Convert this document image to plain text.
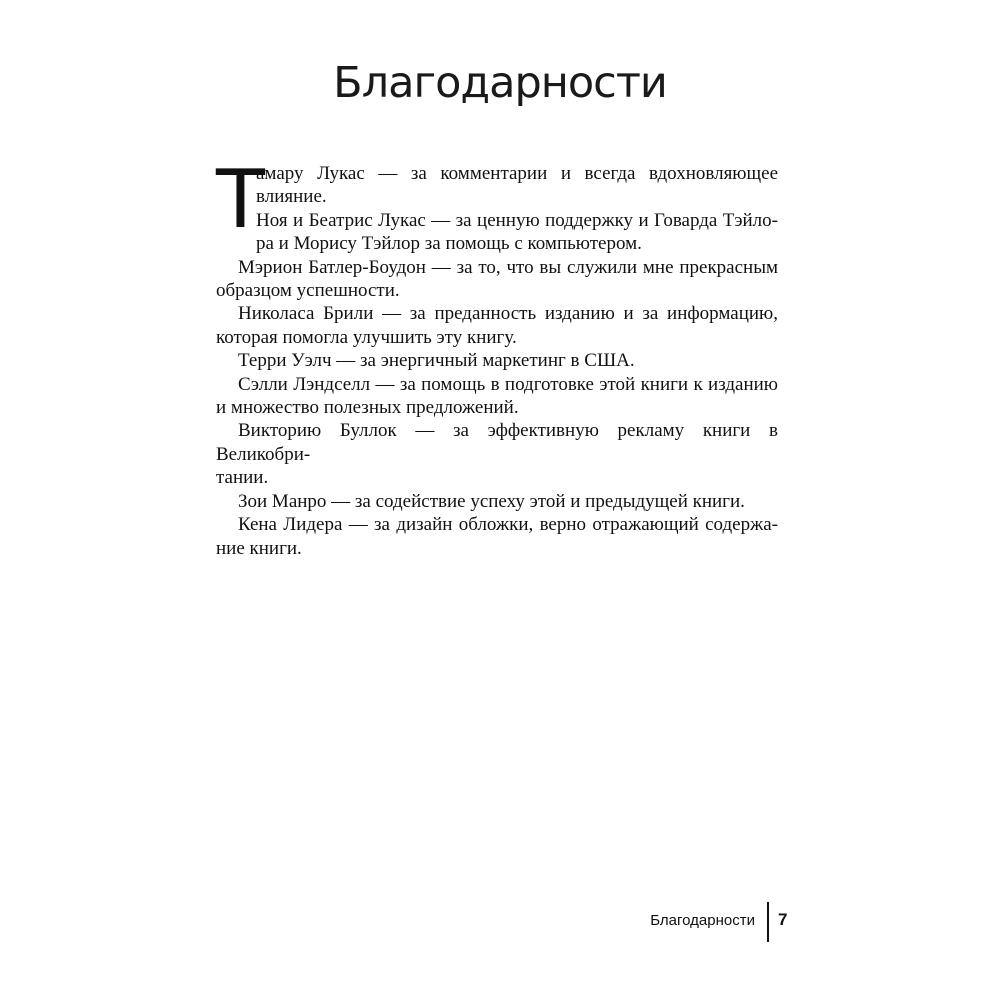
Благодарности
Т

амару Лукас — за комментарии и всегда вдохновляющее влияние.

Ноя и Беатрис Лукас — за ценную поддержку и Говарда Тэйло-

ра и Морису Тэйлор за помощь с компьютером.

Мэрион Батлер-Боудон — за то, что вы служили мне прекрасным

образцом успешности.

Николаса Брили — за преданность изданию и за информацию,

которая помогла улучшить эту книгу.

Терри Уэлч — за энергичный маркетинг в США.

Сэлли Лэндселл — за помощь в подготовке этой книги к изданию

и множество полезных предложений.

Викторию Буллок — за эффективную рекламу книги в Великобри-

тании.

Зои Манро — за содействие успеху этой и предыдущей книги.

Кена Лидера — за дизайн обложки, верно отражающий содержа-

ние книги.

Благодарности 7
